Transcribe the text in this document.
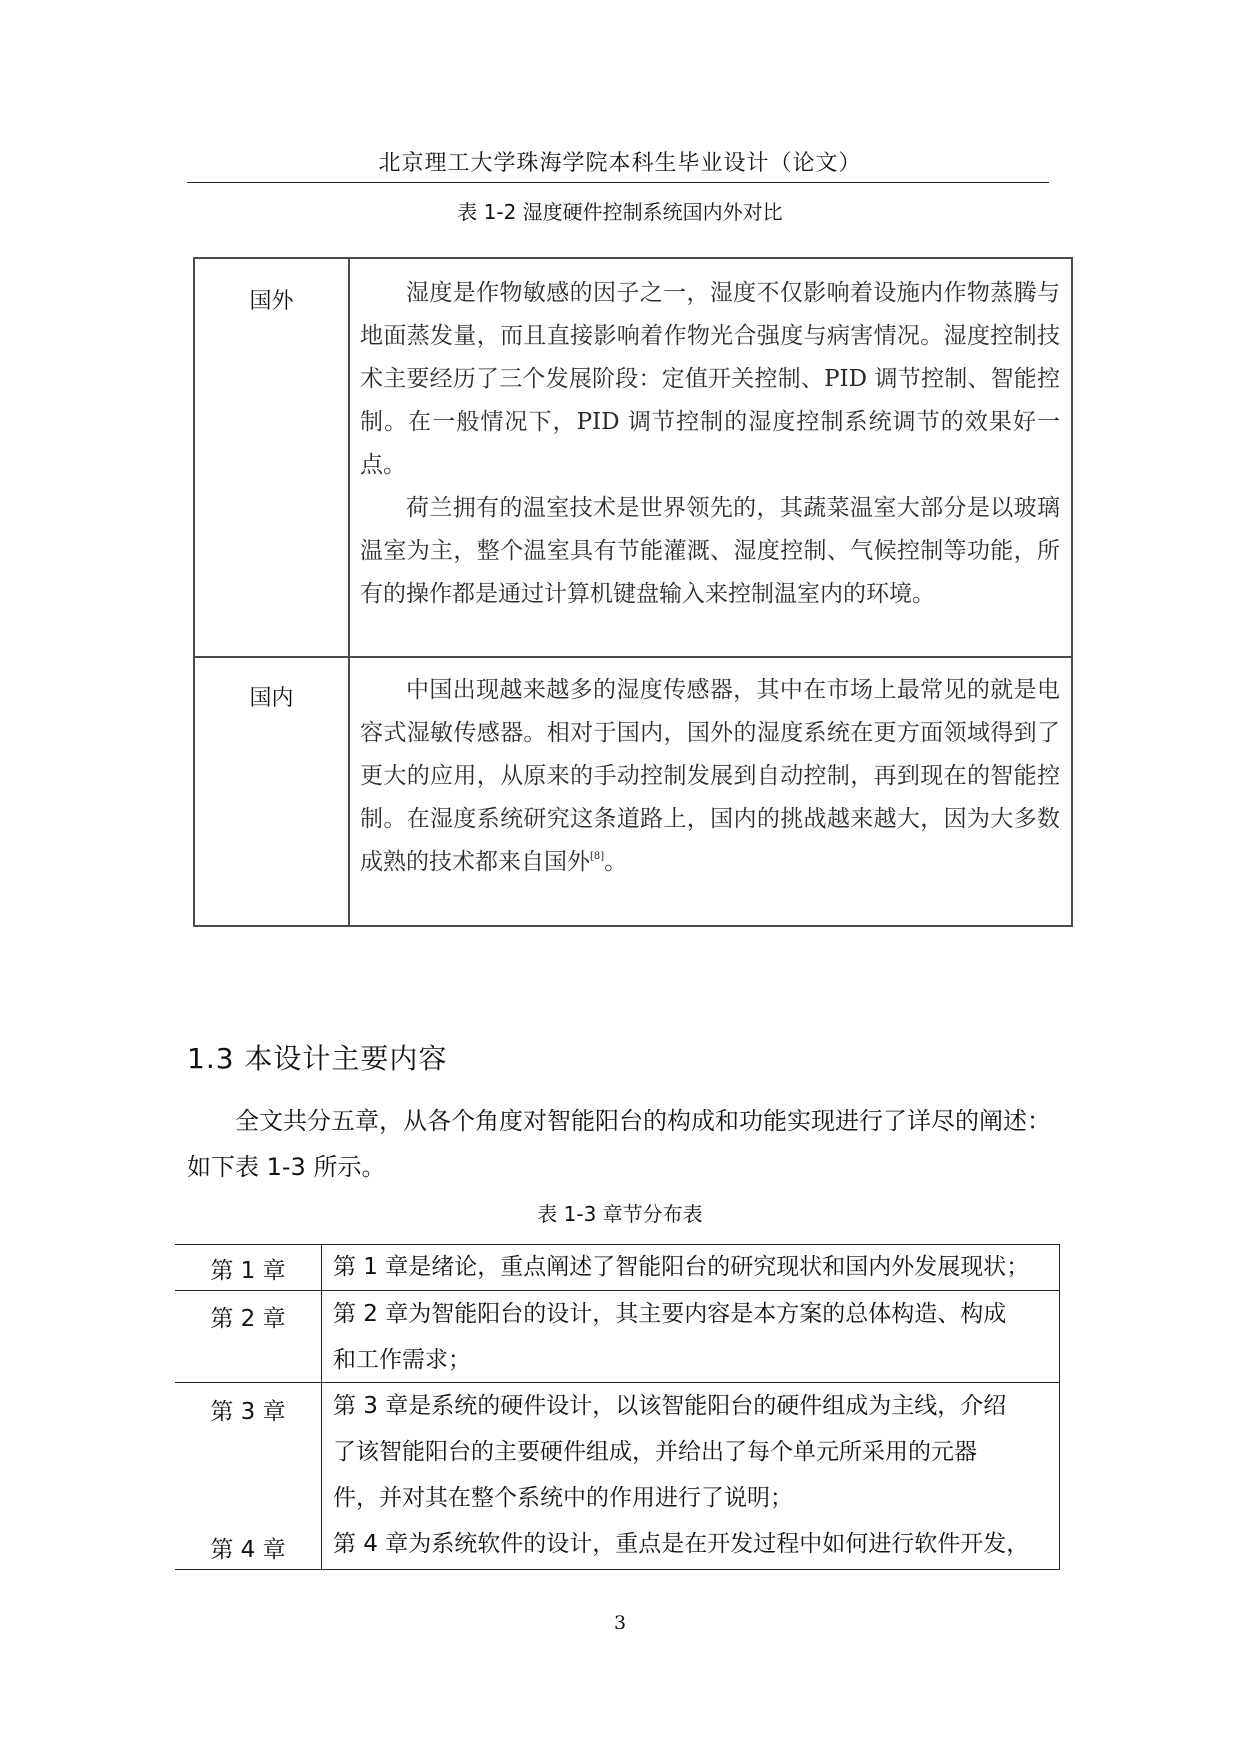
北京理工大学珠海学院本科生毕业设计（论文）
表 1-2 湿度硬件控制系统国内外对比
国外	湿度是作物敏感的因子之一，湿度不仅影响着设施内作物蒸腾与地面蒸发量，而且直接影响着作物光合强度与病害情况。湿度控制技术主要经历了三个发展阶段：定值开关控制、PID 调节控制、智能控制。在一般情况下，PID 调节控制的湿度控制系统调节的效果好一点。

荷兰拥有的温室技术是世界领先的，其蔬菜温室大部分是以玻璃温室为主，整个温室具有节能灌溉、湿度控制、气候控制等功能，所有的操作都是通过计算机键盘输入来控制温室内的环境。

国内	中国出现越来越多的湿度传感器，其中在市场上最常见的就是电容式湿敏传感器。相对于国内，国外的湿度系统在更方面领域得到了更大的应用，从原来的手动控制发展到自动控制，再到现在的智能控制。在湿度系统研究这条道路上，国内的挑战越来越大，因为大多数成熟的技术都来自国外[8]。

1.3 本设计主要内容
全文共分五章，从各个角度对智能阳台的构成和功能实现进行了详尽的阐述：
如下表 1-3 所示。
表 1-3 章节分布表
第 1 章	第 1 章是绪论，重点阐述了智能阳台的研究现状和国内外发展现状；
第 2 章	第 2 章为智能阳台的设计，其主要内容是本方案的总体构造、构成
和工作需求；
第 3 章	第 3 章是系统的硬件设计，以该智能阳台的硬件组成为主线，介绍
了该智能阳台的主要硬件组成，并给出了每个单元所采用的元器
件，并对其在整个系统中的作用进行了说明；
第 4 章	第 4 章为系统软件的设计，重点是在开发过程中如何进行软件开发，
3
